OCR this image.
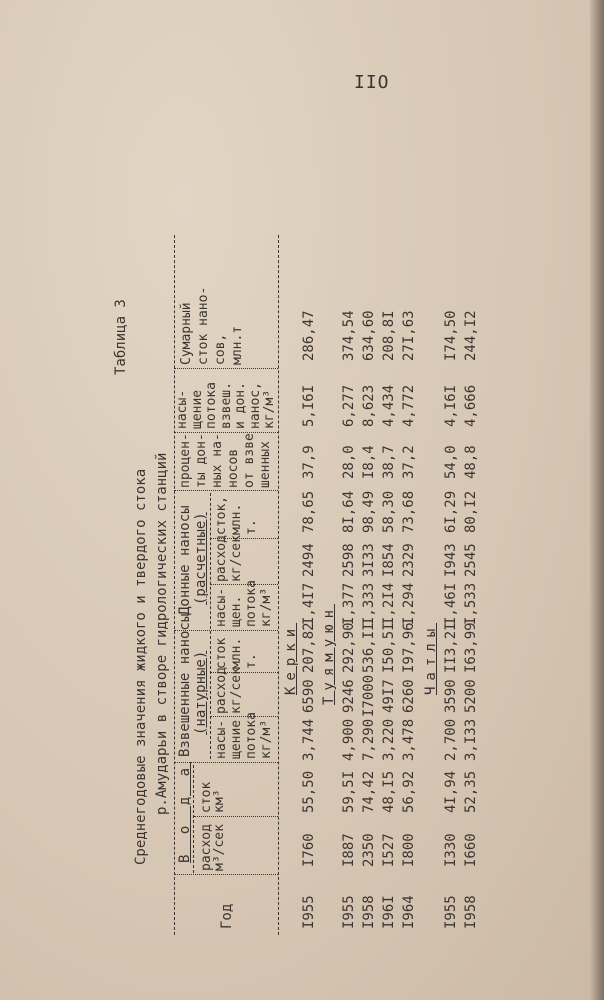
IIO
Таблица 3
Среднегодовые значения жидкого и твердого стока р.Амударьи в створе гидрологических станций
Год
В о д а
Взвешенные наносы (натурные)
Донные наносы (расчетные)
расход
м³/сек
сток
км³
насы-
щение
потока
кг/м³
расход
кг/сек
сток
млн.
т.
насы-
щен.
потока
кг/м³
расход
кг/сек
сток,
млн.
т.
процен-
ты дон-
ных на-
носов
от взве
шенных
насы-
щение
потока
взвеш.
и дон.
нанос,
кг/м³
Сумарный сток нано- сов, млн.т
Керки
I955
I760
55,50
3,744
6590
207,82
I,4I7
2494
78,65
37,9
5,I6I
286,47
Туямуюн
I955
I887
59,5I
4,900
9246
292,90
I,377
2598
8I,64
28,0
6,277
374,54
I958
2350
74,42
7,290
I7000
536,II
I,333
3I33
98,49
I8,4
8,623
634,60
I96I
I527
48,I5
3,220
49I7
I50,5I
I,2I4
I854
58,30
38,7
4,434
208,8I
I964
I800
56,92
3,478
6260
I97,96
I,294
2329
73,68
37,2
4,772
27I,63
Чатлы
I955
I330
4I,94
2,700
3590
II3,2I
I,46I
I943
6I,29
54,0
4,I6I
I74,50
I958
I660
52,35
3,I33
5200
I63,99
I,533
2545
80,I2
48,8
4,666
244,I2
